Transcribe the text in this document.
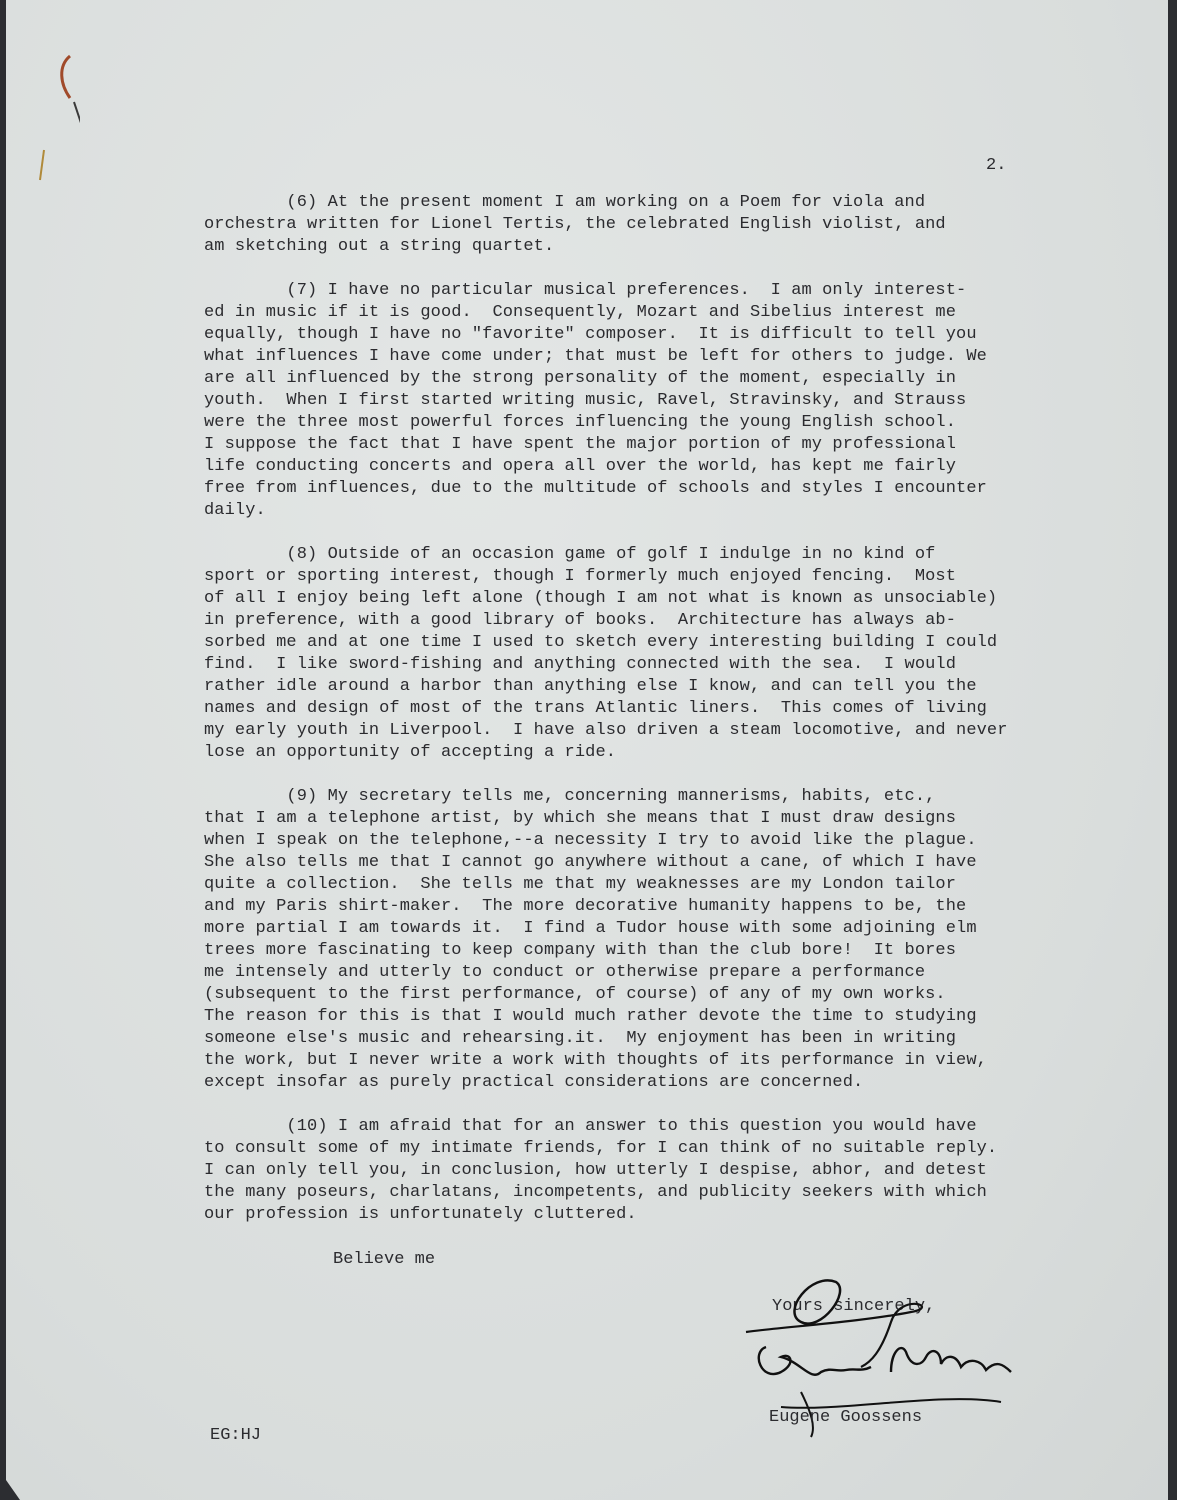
2.
(6) At the present moment I am working on a Poem for viola and
orchestra written for Lionel Tertis, the celebrated English violist, and
am sketching out a string quartet.
(7) I have no particular musical preferences.  I am only interest-
ed in music if it is good.  Consequently, Mozart and Sibelius interest me
equally, though I have no "favorite" composer.  It is difficult to tell you
what influences I have come under; that must be left for others to judge. We
are all influenced by the strong personality of the moment, especially in
youth.  When I first started writing music, Ravel, Stravinsky, and Strauss
were the three most powerful forces influencing the young English school.
I suppose the fact that I have spent the major portion of my professional
life conducting concerts and opera all over the world, has kept me fairly
free from influences, due to the multitude of schools and styles I encounter
daily.
(8) Outside of an occasion game of golf I indulge in no kind of
sport or sporting interest, though I formerly much enjoyed fencing.  Most
of all I enjoy being left alone (though I am not what is known as unsociable)
in preference, with a good library of books.  Architecture has always ab-
sorbed me and at one time I used to sketch every interesting building I could
find.  I like sword-fishing and anything connected with the sea.  I would
rather idle around a harbor than anything else I know, and can tell you the
names and design of most of the trans Atlantic liners.  This comes of living
my early youth in Liverpool.  I have also driven a steam locomotive, and never
lose an opportunity of accepting a ride.
(9) My secretary tells me, concerning mannerisms, habits, etc.,
that I am a telephone artist, by which she means that I must draw designs
when I speak on the telephone,--a necessity I try to avoid like the plague.
She also tells me that I cannot go anywhere without a cane, of which I have
quite a collection.  She tells me that my weaknesses are my London tailor
and my Paris shirt-maker.  The more decorative humanity happens to be, the
more partial I am towards it.  I find a Tudor house with some adjoining elm
trees more fascinating to keep company with than the club bore!  It bores
me intensely and utterly to conduct or otherwise prepare a performance
(subsequent to the first performance, of course) of any of my own works.
The reason for this is that I would much rather devote the time to studying
someone else's music and rehearsing.it.  My enjoyment has been in writing
the work, but I never write a work with thoughts of its performance in view,
except insofar as purely practical considerations are concerned.
(10) I am afraid that for an answer to this question you would have
to consult some of my intimate friends, for I can think of no suitable reply.
I can only tell you, in conclusion, how utterly I despise, abhor, and detest
the many poseurs, charlatans, incompetents, and publicity seekers with which
our profession is unfortunately cluttered.
Believe me
Yours sincerely,
Eugene Goossens
EG:HJ
